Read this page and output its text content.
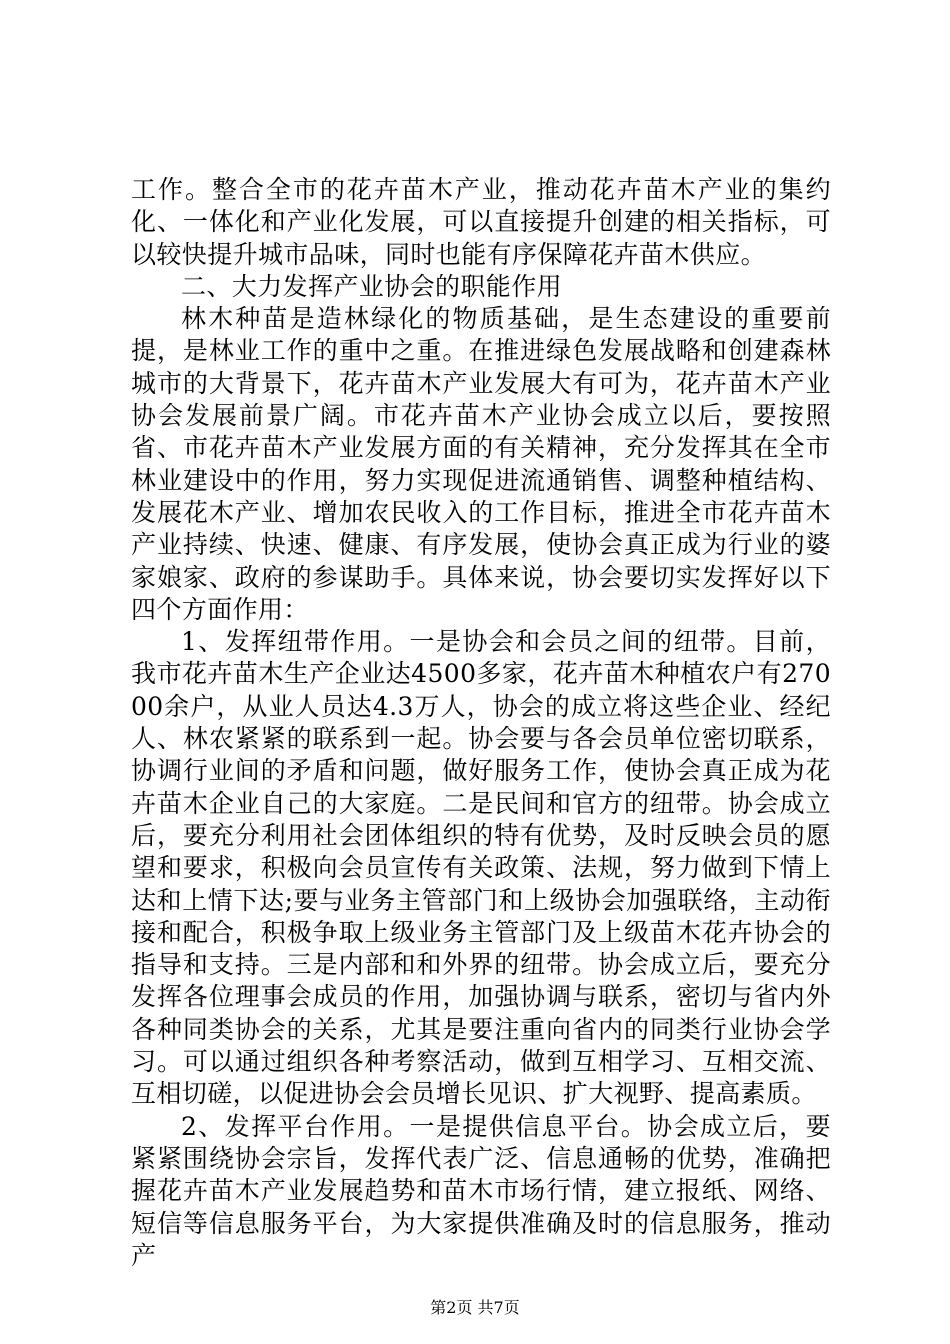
工作。整合全市的花卉苗木产业，推动花卉苗木产业的集约化、一体化和产业化发展，可以直接提升创建的相关指标，可以较快提升城市品味，同时也能有序保障花卉苗木供应。

二、大力发挥产业协会的职能作用

林木种苗是造林绿化的物质基础，是生态建设的重要前提，是林业工作的重中之重。在推进绿色发展战略和创建森林城市的大背景下，花卉苗木产业发展大有可为，花卉苗木产业协会发展前景广阔。市花卉苗木产业协会成立以后，要按照省、市花卉苗木产业发展方面的有关精神，充分发挥其在全市林业建设中的作用，努力实现促进流通销售、调整种植结构、发展花木产业、增加农民收入的工作目标，推进全市花卉苗木产业持续、快速、健康、有序发展，使协会真正成为行业的婆家娘家、政府的参谋助手。具体来说，协会要切实发挥好以下四个方面作用：

1、发挥纽带作用。一是协会和会员之间的纽带。目前，我市花卉苗木生产企业达4500多家，花卉苗木种植农户有27000余户，从业人员达4.3万人，协会的成立将这些企业、经纪人、林农紧紧的联系到一起。协会要与各会员单位密切联系，协调行业间的矛盾和问题，做好服务工作，使协会真正成为花卉苗木企业自己的大家庭。二是民间和官方的纽带。协会成立后，要充分利用社会团体组织的特有优势，及时反映会员的愿望和要求，积极向会员宣传有关政策、法规，努力做到下情上达和上情下达;要与业务主管部门和上级协会加强联络，主动衔接和配合，积极争取上级业务主管部门及上级苗木花卉协会的指导和支持。三是内部和和外界的纽带。协会成立后，要充分发挥各位理事会成员的作用，加强协调与联系，密切与省内外各种同类协会的关系，尤其是要注重向省内的同类行业协会学习。可以通过组织各种考察活动，做到互相学习、互相交流、互相切磋，以促进协会会员增长见识、扩大视野、提高素质。

2、发挥平台作用。一是提供信息平台。协会成立后，要紧紧围绕协会宗旨，发挥代表广泛、信息通畅的优势，准确把握花卉苗木产业发展趋势和苗木市场行情，建立报纸、网络、短信等信息服务平台，为大家提供准确及时的信息服务，推动产

第2页 共7页
